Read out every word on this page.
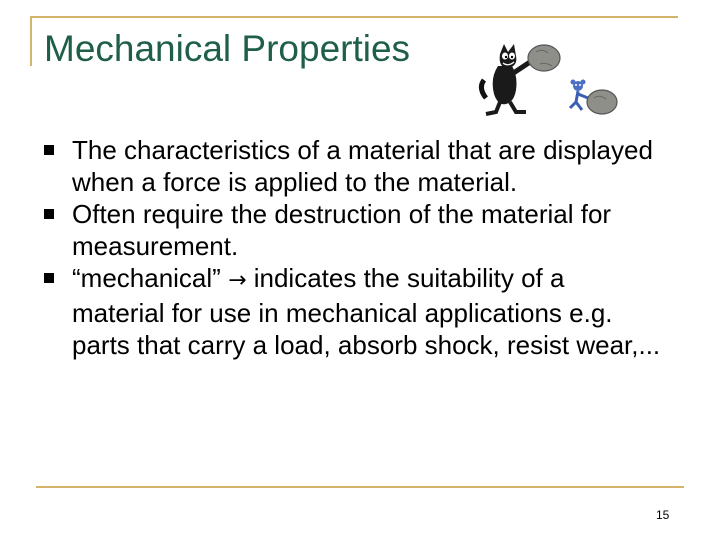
Mechanical Properties
The characteristics of a material that are displayed when a force is applied to the material.
Often require the destruction of the material for measurement.
“mechanical” → indicates the suitability of a material for use in mechanical applications e.g. parts that carry a load, absorb shock, resist wear,...
15
